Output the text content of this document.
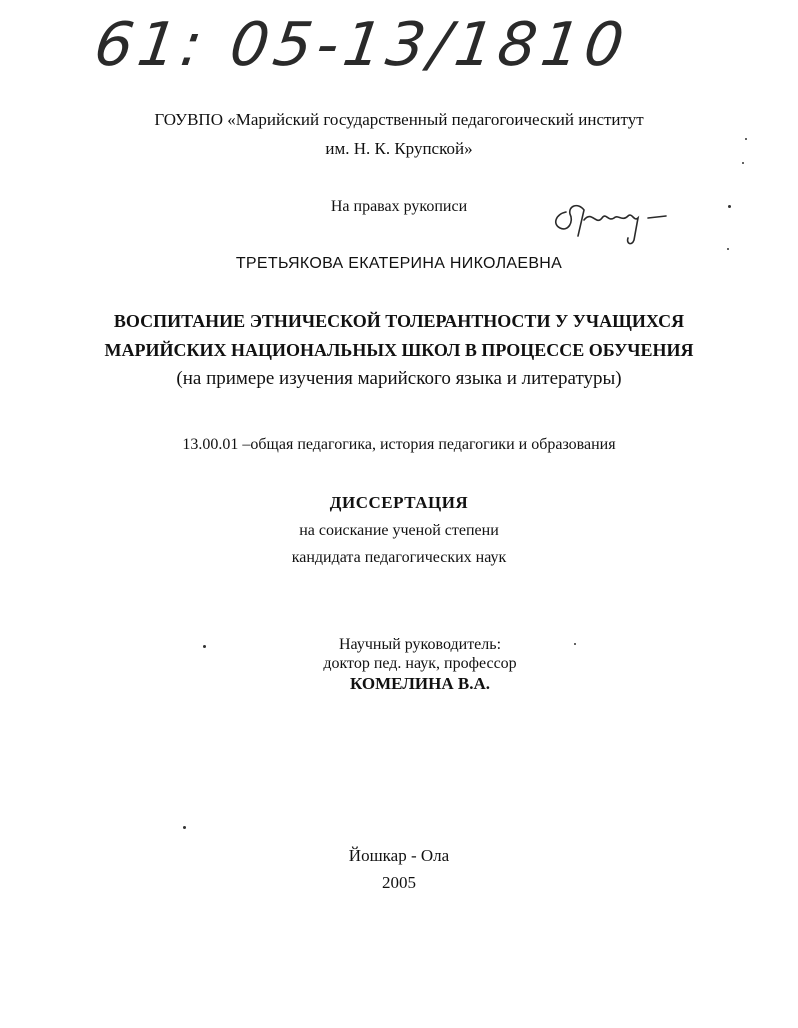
61: 05-13/1810
ГОУВПО «Марийский государственный педагогоический институт
им. Н. К. Крупской»
На правах рукописи
ТРЕТЬЯКОВА ЕКАТЕРИНА НИКОЛАЕВНА
ВОСПИТАНИЕ ЭТНИЧЕСКОЙ ТОЛЕРАНТНОСТИ У УЧАЩИХСЯ
МАРИЙСКИХ НАЦИОНАЛЬНЫХ ШКОЛ В ПРОЦЕССЕ ОБУЧЕНИЯ
(на примере изучения марийского языка и литературы)
13.00.01 –общая педагогика, история педагогики и образования
ДИССЕРТАЦИЯ
на соискание ученой степени
кандидата педагогических наук
Научный руководитель:
доктор пед. наук, профессор
КОМЕЛИНА В.А.
Йошкар - Ола
2005
